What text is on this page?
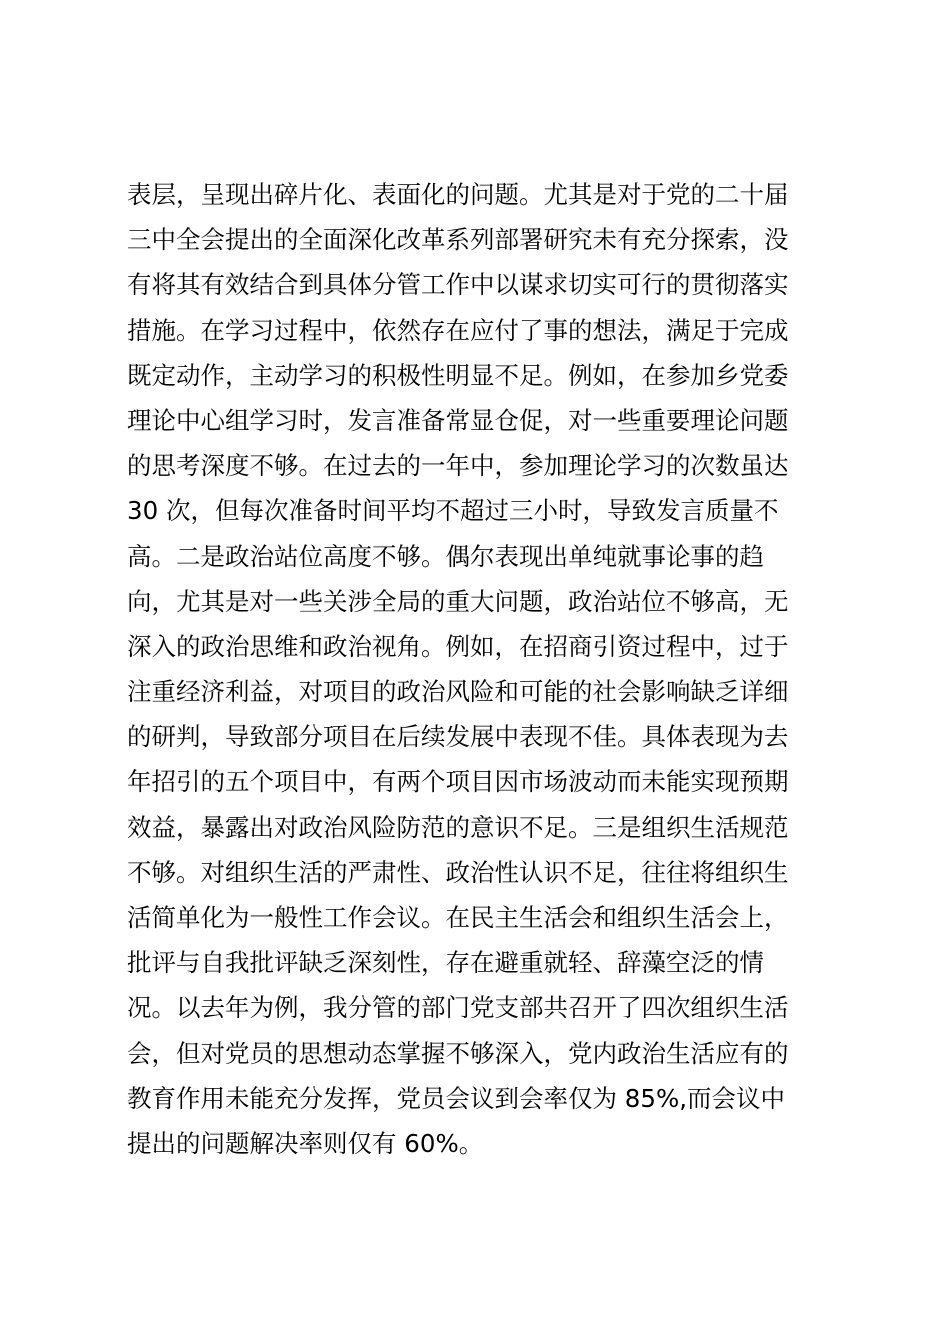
表层，呈现出碎片化、表面化的问题。尤其是对于党的二十届
三中全会提出的全面深化改革系列部署研究未有充分探索，没
有将其有效结合到具体分管工作中以谋求切实可行的贯彻落实
措施。在学习过程中，依然存在应付了事的想法，满足于完成
既定动作，主动学习的积极性明显不足。例如，在参加乡党委
理论中心组学习时，发言准备常显仓促，对一些重要理论问题
的思考深度不够。在过去的一年中，参加理论学习的次数虽达
30 次，但每次准备时间平均不超过三小时，导致发言质量不
高。二是政治站位高度不够。偶尔表现出单纯就事论事的趋
向，尤其是对一些关涉全局的重大问题，政治站位不够高，无
深入的政治思维和政治视角。例如，在招商引资过程中，过于
注重经济利益，对项目的政治风险和可能的社会影响缺乏详细
的研判，导致部分项目在后续发展中表现不佳。具体表现为去
年招引的五个项目中，有两个项目因市场波动而未能实现预期
效益，暴露出对政治风险防范的意识不足。三是组织生活规范
不够。对组织生活的严肃性、政治性认识不足，往往将组织生
活简单化为一般性工作会议。在民主生活会和组织生活会上，
批评与自我批评缺乏深刻性，存在避重就轻、辞藻空泛的情
况。以去年为例，我分管的部门党支部共召开了四次组织生活
会，但对党员的思想动态掌握不够深入，党内政治生活应有的
教育作用未能充分发挥，党员会议到会率仅为 85%,而会议中
提出的问题解决率则仅有 60%。
